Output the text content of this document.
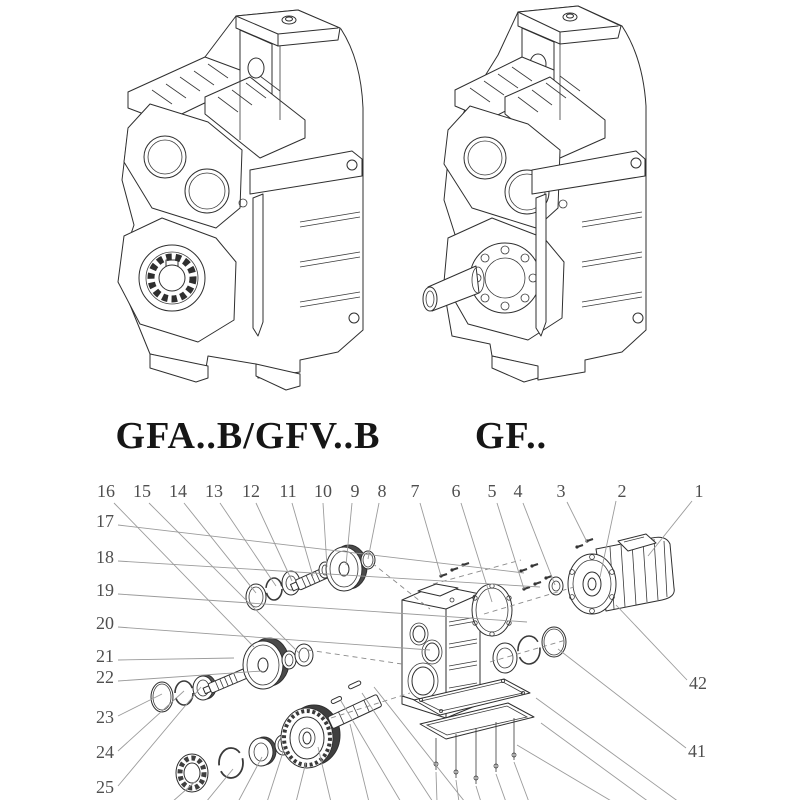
GFA..B/GFV..B GF..
1
2
3
4
5
6
7
8
9
10
11
12
13
14
15
16
17
18
19
20
21
22
23
24
25
41
42
